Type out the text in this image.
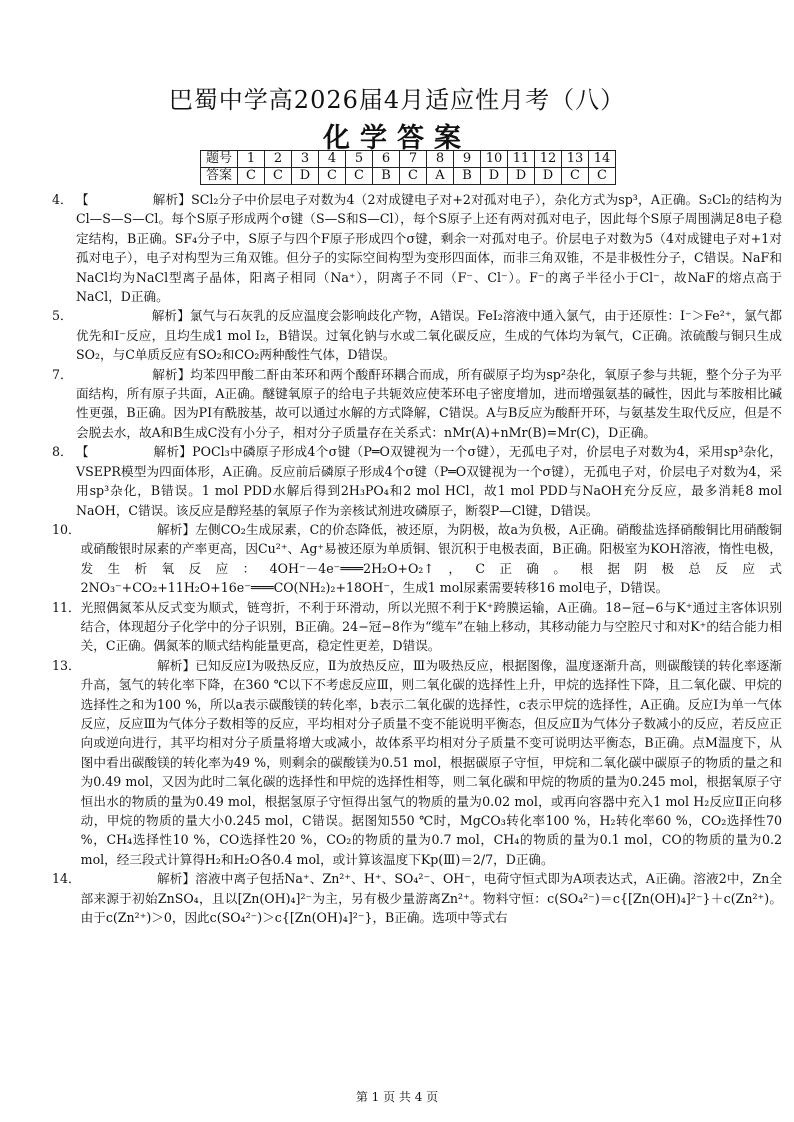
巴蜀中学高2026届4月适应性月考（八）
化学答案
题号	1	2	3	4	5	6	7	8	9	10	11	12	13	14
答案	C	C	D	C	C	B	C	A	B	D	D	D	C	C
4． 【　　　　　解析】SCl₂分子中价层电子对数为4（2对成键电子对+2对孤对电子），杂化方式为sp³，A正确。S₂Cl₂的结构为Cl—S—S—Cl。每个S原子形成两个σ键（S—S和S—Cl），每个S原子上还有两对孤对电子，因此每个S原子周围满足8电子稳定结构，B正确。SF₄分子中，S原子与四个F原子形成四个σ键，剩余一对孤对电子。价层电子对数为5（4对成键电子对+1对孤对电子），电子对构型为三角双锥。但分子的实际空间构型为变形四面体，而非三角双锥，不是非极性分子，C错误。NaF和NaCl均为NaCl型离子晶体，阳离子相同（Na⁺），阴离子不同（F⁻、Cl⁻）。F⁻的离子半径小于Cl⁻，故NaF的熔点高于NaCl，D正确。
5． 　　　　　　解析】氯气与石灰乳的反应温度会影响歧化产物，A错误。FeI₂溶液中通入氯气，由于还原性：I⁻＞Fe²⁺，氯气都优先和I⁻反应，且均生成1 mol I₂，B错误。过氧化钠与水或二氧化碳反应，生成的气体均为氧气，C正确。浓硫酸与铜只生成SO₂，与C单质反应有SO₂和CO₂两种酸性气体，D错误。
7． 　　　　　　解析】均苯四甲酸二酐由苯环和两个酸酐环耦合而成，所有碳原子均为sp²杂化，氧原子参与共轭，整个分子为平面结构，所有原子共面，A正确。醚键氧原子的给电子共轭效应使苯环电子密度增加，进而增强氨基的碱性，因此与苯胺相比碱性更强，B正确。因为PI有酰胺基，故可以通过水解的方式降解，C错误。A与B反应为酸酐开环，与氨基发生取代反应，但是不会脱去水，故A和B生成C没有小分子，相对分子质量存在关系式：nMr(A)+nMr(B)=Mr(C)，D正确。
8． 【　　　　　解析】POCl₃中磷原子形成4个σ键（P═O双键视为一个σ键），无孤电子对，价层电子对数为4，采用sp³杂化，VSEPR模型为四面体形，A正确。反应前后磷原子形成4个σ键（P═O双键视为一个σ键），无孤电子对，价层电子对数为4，采用sp³杂化，B错误。1 mol PDD水解后得到2H₃PO₄和2 mol HCl，故1 mol PDD与NaOH充分反应，最多消耗8 mol NaOH，C错误。该反应是醇羟基的氧原子作为亲核试剂进攻磷原子，断裂P—Cl键，D错误。
10． 　　　　　　解析】左侧CO₂生成尿素，C的价态降低，被还原，为阴极，故a为负极，A正确。硝酸盐选择硝酸铜比用硝酸铜或硝酸银时尿素的产率更高，因Cu²⁺、Ag⁺易被还原为单质铜、银沉积于电极表面，B正确。阳极室为KOH溶液，惰性电极，发生析氧反应：4OH⁻－4e⁻═══2H₂O+O₂↑，C正确。根据阴极总反应式2NO₃⁻+CO₂+11H₂O+16e⁻═══CO(NH₂)₂+18OH⁻，生成1 mol尿素需要转移16 mol电子，D错误。
11． 光照偶氮苯从反式变为顺式，链弯折，不利于环滑动，所以光照不利于K⁺跨膜运输，A正确。18−冠−6与K⁺通过主客体识别结合，体现超分子化学中的分子识别，B正确。24−冠−8作为“缆车”在轴上移动，其移动能力与空腔尺寸和对K⁺的结合能力相关，C正确。偶氮苯的顺式结构能量更高，稳定性更差，D错误。
13． 　　　　　　解析】已知反应Ⅰ为吸热反应，Ⅱ为放热反应，Ⅲ为吸热反应，根据图像，温度逐渐升高，则碳酸镁的转化率逐渐升高，氢气的转化率下降，在360 ℃以下不考虑反应Ⅲ，则二氧化碳的选择性上升，甲烷的选择性下降，且二氧化碳、甲烷的选择性之和为100 %，所以a表示碳酸镁的转化率，b表示二氧化碳的选择性，c表示甲烷的选择性，A正确。反应Ⅰ为单一气体反应，反应Ⅲ为气体分子数相等的反应，平均相对分子质量不变不能说明平衡态，但反应Ⅱ为气体分子数减小的反应，若反应正向或逆向进行，其平均相对分子质量将增大或减小，故体系平均相对分子质量不变可说明达平衡态，B正确。点M温度下，从图中看出碳酸镁的转化率为49 %，则剩余的碳酸镁为0.51 mol，根据碳原子守恒，甲烷和二氧化碳中碳原子的物质的量之和为0.49 mol，又因为此时二氧化碳的选择性和甲烷的选择性相等，则二氧化碳和甲烷的物质的量为0.245 mol，根据氧原子守恒出水的物质的量为0.49 mol，根据氢原子守恒得出氢气的物质的量为0.02 mol，或再向容器中充入1 mol H₂反应Ⅱ正向移动，甲烷的物质的量大小0.245 mol，C错误。据图知550 ℃时，MgCO₃转化率100 %，H₂转化率60 %，CO₂选择性70 %，CH₄选择性10 %，CO选择性20 %，CO₂的物质的量为0.7 mol，CH₄的物质的量为0.1 mol，CO的物质的量为0.2 mol，经三段式计算得H₂和H₂O各0.4 mol，或计算该温度下Kp(Ⅲ)＝2/7，D正确。
14． 　　　　　　解析】溶液中离子包括Na⁺、Zn²⁺、H⁺、SO₄²⁻、OH⁻，电荷守恒式即为A项表达式，A正确。溶液2中，Zn全部来源于初始ZnSO₄，且以[Zn(OH)₄]²⁻为主，另有极少量游离Zn²⁺。物料守恒：c(SO₄²⁻)＝c{[Zn(OH)₄]²⁻}＋c(Zn²⁺)。由于c(Zn²⁺)＞0，因此c(SO₄²⁻)＞c{[Zn(OH)₄]²⁻}，B正确。选项中等式右
第 1 页 共 4 页
